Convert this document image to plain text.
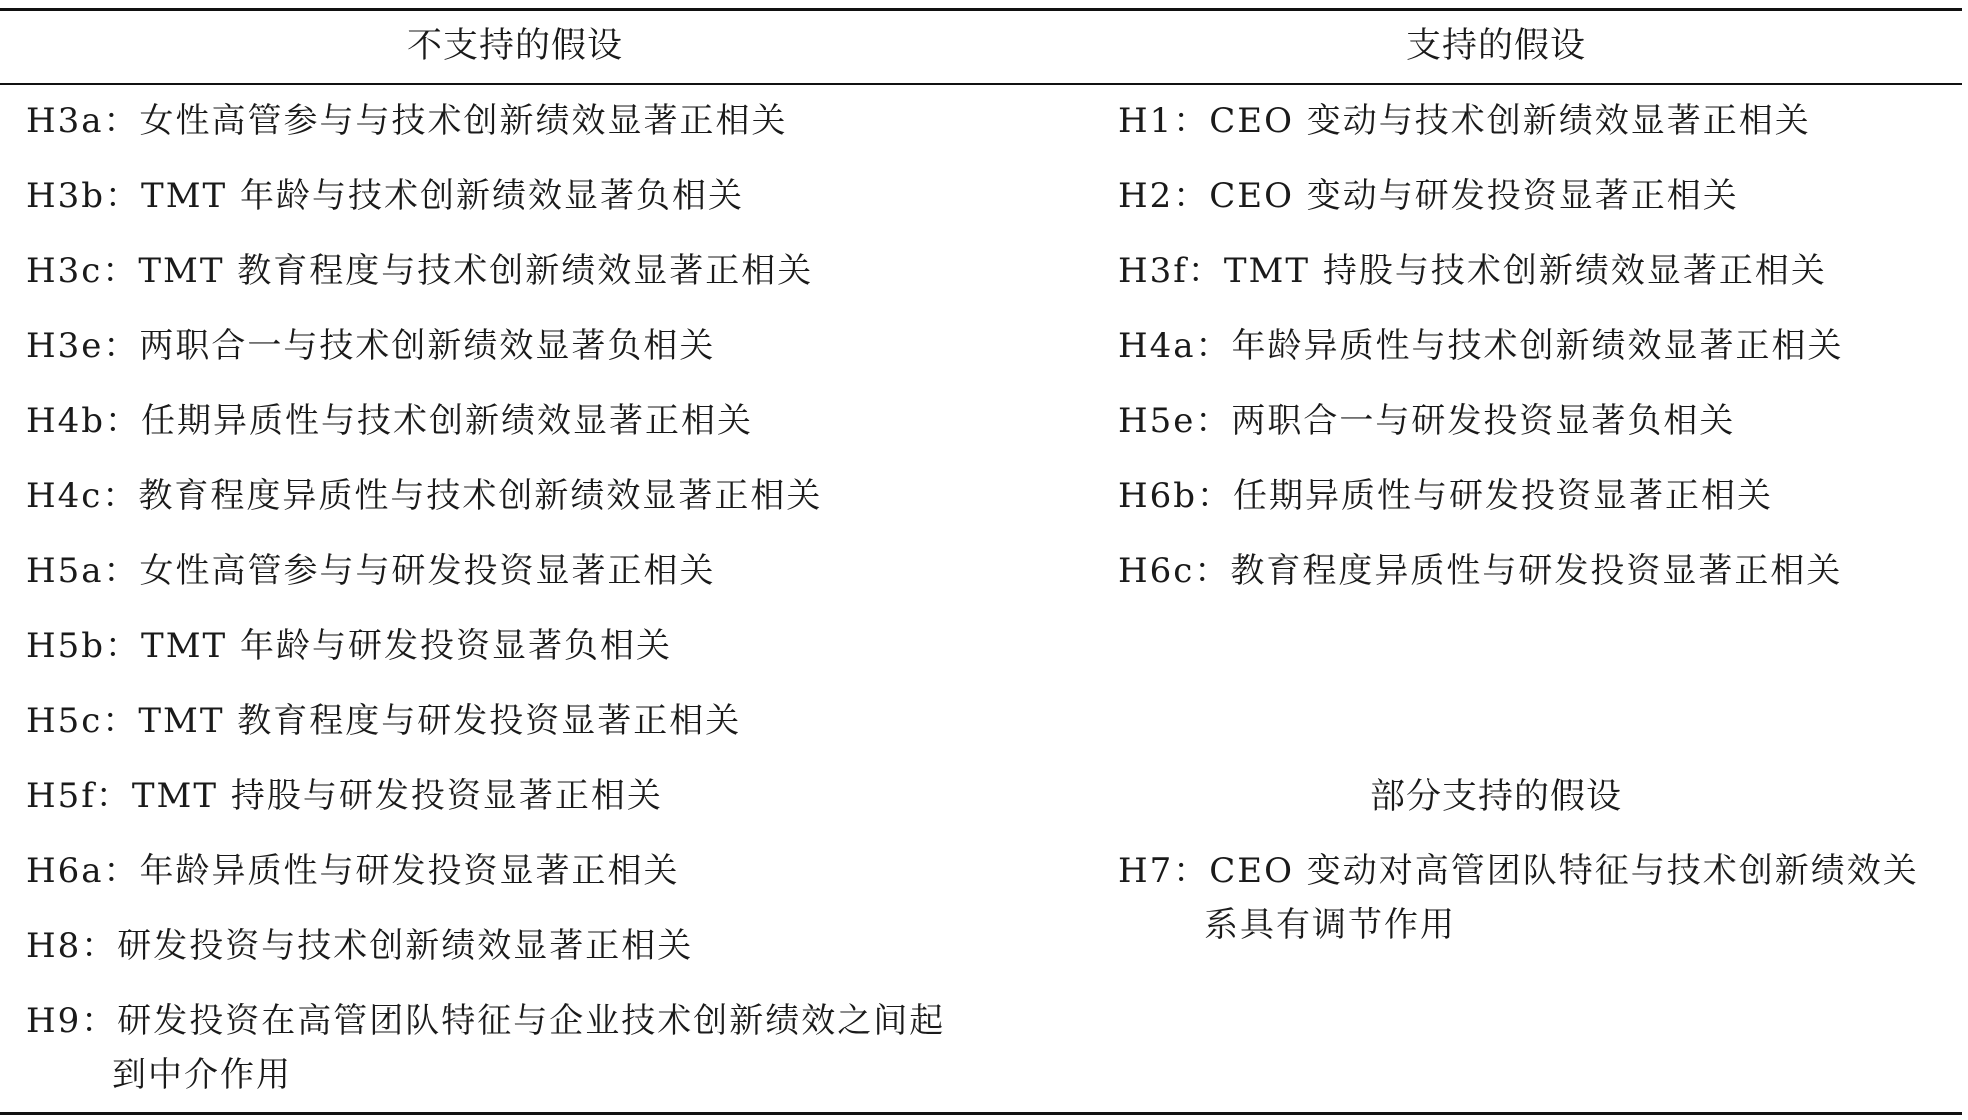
不支持的假设	支持的假设
H3a：女性高管参与与技术创新绩效显著正相关
H3b：TMT 年龄与技术创新绩效显著负相关
H3c：TMT 教育程度与技术创新绩效显著正相关
H3e：两职合一与技术创新绩效显著负相关
H4b：任期异质性与技术创新绩效显著正相关
H4c：教育程度异质性与技术创新绩效显著正相关
H5a：女性高管参与与研发投资显著正相关
H5b：TMT 年龄与研发投资显著负相关
H5c：TMT 教育程度与研发投资显著正相关
H5f：TMT 持股与研发投资显著正相关
H6a：年龄异质性与研发投资显著正相关
H8：研发投资与技术创新绩效显著正相关
H9：研发投资在高管团队特征与企业技术创新绩效之间起
到中介作用
H1：CEO 变动与技术创新绩效显著正相关
H2：CEO 变动与研发投资显著正相关
H3f：TMT 持股与技术创新绩效显著正相关
H4a：年龄异质性与技术创新绩效显著正相关
H5e：两职合一与研发投资显著负相关
H6b：任期异质性与研发投资显著正相关
H6c：教育程度异质性与研发投资显著正相关
部分支持的假设
H7：CEO 变动对高管团队特征与技术创新绩效关
系具有调节作用
